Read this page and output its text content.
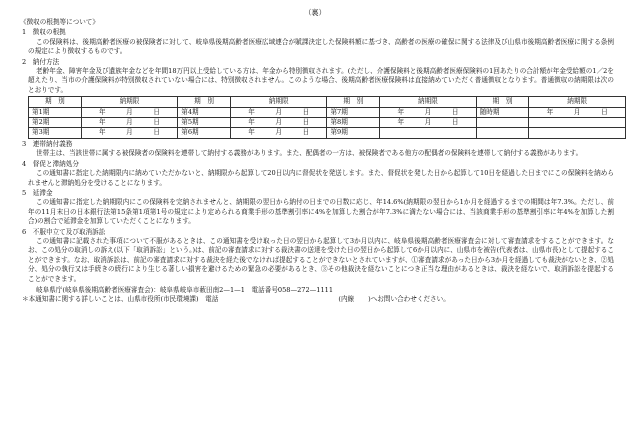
（裏）
《徴収の根拠等について》
1　徴収の根拠
この保険料は、後期高齢者医療の被保険者に対して、岐阜県後期高齢者医療広域連合が賦課決定した保険料額に基づき、高齢者の医療の確保に関する法律及び山県市後期高齢者医療に関する条例の規定により徴収するものです。
2　納付方法
老齢年金、障害年金及び遺族年金などを年間18万円以上受給している方は、年金から特別徴収されます。(ただし、介護保険料と後期高齢者医療保険料の1回あたりの合計額が年金受給額の1／2を超えたり、当市の介護保険料が特別徴収されていない場合には、特別徴収されません。このような場合、後期高齢者医療保険料は直接納めていただく普通徴収となります。普通徴収の納期限は次のとおりです。
期　別	納期限	期　別	納期限	期　別	納期限	期　別	納期限
第1期	年 月 日	第4期	年 月 日	第7期	年 月 日	随時期	年 月 日

第2期	年 月 日	第5期	年 月 日	第8期	年 月 日		

第3期	年 月 日	第6期	年 月 日	第9期	

3　連帯納付義務
世帯主は、当該世帯に属する被保険者の保険料を連帯して納付する義務があります。また、配偶者の一方は、被保険者である他方の配偶者の保険料を連帯して納付する義務があります。
4　督促と滞納処分
この通知書に指定した納期限内に納めていただかないと、納期限から起算して20日以内に督促状を発送します。また、督促状を発した日から起算して10日を経過した日までにこの保険料を納められませんと滞納処分を受けることになります。
5　延滞金
この通知書に指定した納期限内にこの保険料を完納されませんと、納期限の翌日から納付の日までの日数に応じ、年14.6%(納期限の翌日から1か月を経過するまでの期間は年7.3%。ただし、前年の11月末日の日本銀行法第15条第1項第1号の規定により定められる商業手形の基準割引率に4%を加算した割合が年7.3%に満たない場合には、当該商業手形の基準割引率に年4%を加算した割合)の割合で延滞金を加算していただくことになります。
6　不服申立て及び取消訴訟
この通知書に記載された事項について不服があるときは、この通知書を受け取った日の翌日から起算して3か月以内に、岐阜県後期高齢者医療審査会に対して審査請求をすることができます。なお、この処分の取消しの訴え(以下「取消訴訟」という。)は、前記の審査請求に対する裁決書の送達を受けた日の翌日から起算して6か月以内に、山県市を被告(代表者は、山県市長)として提起することができます。なお、取消訴訟は、前記の審査請求に対する裁決を経た後でなければ提起することができないとされていますが、①審査請求があった日から3か月を経過しても裁決がないとき、②処分、処分の執行又は手続きの続行により生じる著しい損害を避けるための緊急の必要があるとき、③その他裁決を経ないことにつき正当な理由があるときは、裁決を経ないで、取消訴訟を提起することができます。
岐阜県庁(岐阜県後期高齢者医療審査会)：岐阜県岐阜市薮田南2—1—1　電話番号058—272—1111
＊本通知書に関する詳しいことは、山県市役所(市民環境課)　電話	(内線 )へお問い合わせください。
